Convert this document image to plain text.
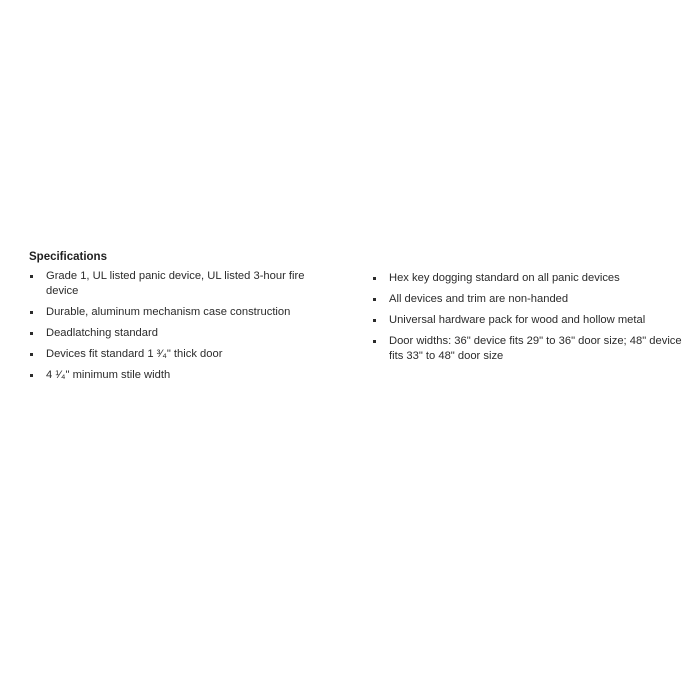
Specifications
Grade 1, UL listed panic device, UL listed 3-hour fire device
Durable, aluminum mechanism case construction
Deadlatching standard
Devices fit standard 1 ³⁄₄" thick door
4 ¹⁄₄" minimum stile width
Hex key dogging standard on all panic devices
All devices and trim are non-handed
Universal hardware pack for wood and hollow metal
Door widths: 36" device fits 29" to 36" door size; 48" device fits 33" to 48" door size
